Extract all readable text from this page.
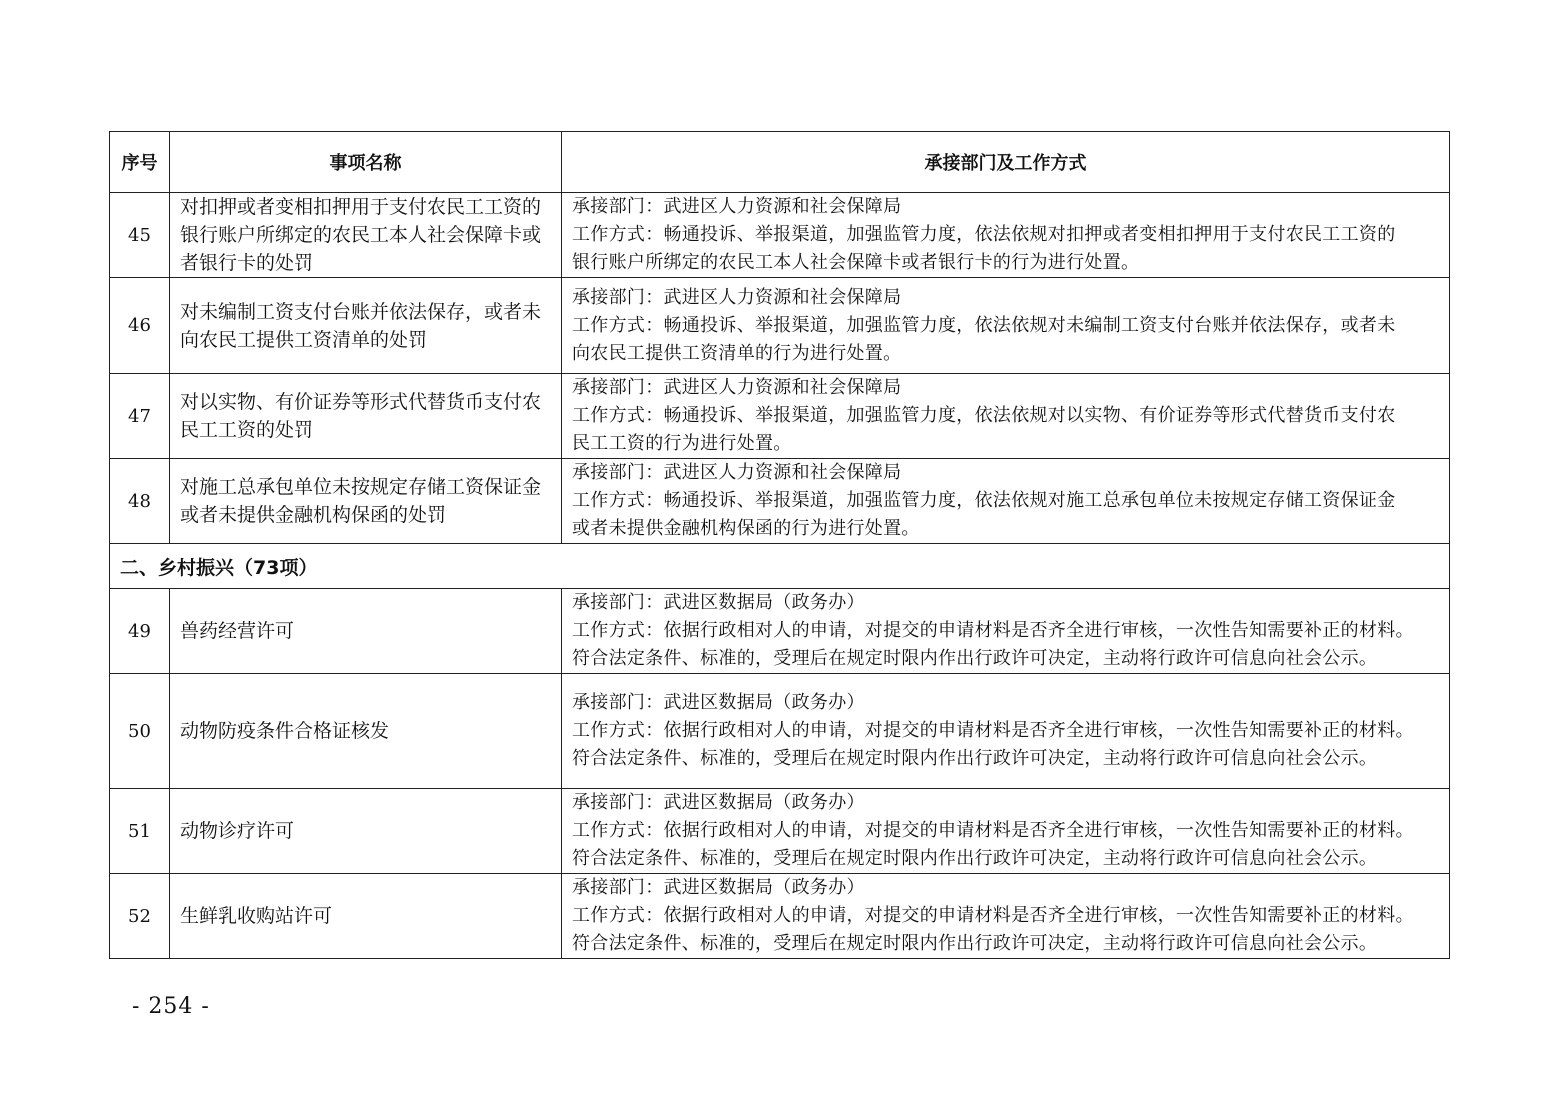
序号	事项名称	承接部门及工作方式
45	对扣押或者变相扣押用于支付农民工工资的银行账户所绑定的农民工本人社会保障卡或者银行卡的处罚	承接部门：武进区人力资源和社会保障局
工作方式：畅通投诉、举报渠道，加强监管力度，依法依规对扣押或者变相扣押用于支付农民工工资的
银行账户所绑定的农民工本人社会保障卡或者银行卡的行为进行处置。

46	对未编制工资支付台账并依法保存，或者未向农民工提供工资清单的处罚	承接部门：武进区人力资源和社会保障局
工作方式：畅通投诉、举报渠道，加强监管力度，依法依规对未编制工资支付台账并依法保存，或者未
向农民工提供工资清单的行为进行处置。

47	对以实物、有价证券等形式代替货币支付农民工工资的处罚	承接部门：武进区人力资源和社会保障局
工作方式：畅通投诉、举报渠道，加强监管力度，依法依规对以实物、有价证券等形式代替货币支付农
民工工资的行为进行处置。

48	对施工总承包单位未按规定存储工资保证金或者未提供金融机构保函的处罚	承接部门：武进区人力资源和社会保障局
工作方式：畅通投诉、举报渠道，加强监管力度，依法依规对施工总承包单位未按规定存储工资保证金
或者未提供金融机构保函的行为进行处置。

二、乡村振兴（73项）		
49	兽药经营许可	承接部门：武进区数据局（政务办）
工作方式：依据行政相对人的申请，对提交的申请材料是否齐全进行审核，一次性告知需要补正的材料。
符合法定条件、标准的，受理后在规定时限内作出行政许可决定，主动将行政许可信息向社会公示。

50	动物防疫条件合格证核发	承接部门：武进区数据局（政务办）
工作方式：依据行政相对人的申请，对提交的申请材料是否齐全进行审核，一次性告知需要补正的材料。
符合法定条件、标准的，受理后在规定时限内作出行政许可决定，主动将行政许可信息向社会公示。

51	动物诊疗许可	承接部门：武进区数据局（政务办）
工作方式：依据行政相对人的申请，对提交的申请材料是否齐全进行审核，一次性告知需要补正的材料。
符合法定条件、标准的，受理后在规定时限内作出行政许可决定，主动将行政许可信息向社会公示。

52	生鲜乳收购站许可	承接部门：武进区数据局（政务办）
工作方式：依据行政相对人的申请，对提交的申请材料是否齐全进行审核，一次性告知需要补正的材料。
符合法定条件、标准的，受理后在规定时限内作出行政许可决定，主动将行政许可信息向社会公示。
- 254 -
